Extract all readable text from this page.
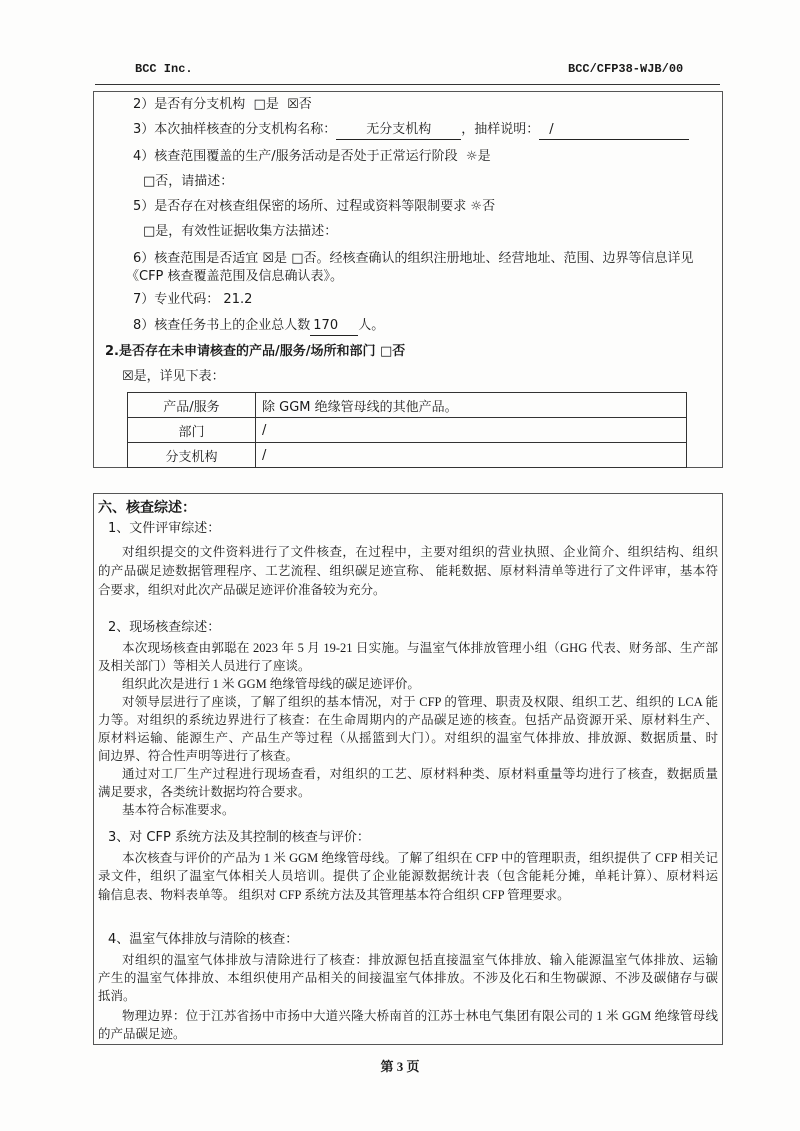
BCC Inc.	BCC/CFP38-WJB/00
2）是否有分支机构 □是 ☒否
3）本次抽样核查的分支机构名称： 无分支机构 ，抽样说明： /
4）核查范围覆盖的生产/服务活动是否处于正常运行阶段 ☼是
□否，请描述：
5）是否存在对核查组保密的场所、过程或资料等限制要求 ☼否
□是，有效性证据收集方法描述：
6）核查范围是否适宜 ☒是 □否。经核查确认的组织注册地址、经营地址、范围、边界等信息详见
《CFP 核查覆盖范围及信息确认表》。
7）专业代码： 21.2
8）核查任务书上的企业总人数 170 人。
2.是否存在未申请核查的产品/服务/场所和部门 □否
☒是，详见下表：
产品/服务	除 GGM 绝缘管母线的其他产品。
部门	/
分支机构	/
六、核查综述：
1、文件评审综述：
对组织提交的文件资料进行了文件核查，在过程中，主要对组织的营业执照、企业简介、组织结构、组织
的产品碳足迹数据管理程序、工艺流程、组织碳足迹宣称、 能耗数据、原材料清单等进行了文件评审，基本符
合要求，组织对此次产品碳足迹评价准备较为充分。
2、现场核查综述：
本次现场核查由郭聪在 2023 年 5 月 19-21 日实施。与温室气体排放管理小组（GHG 代表、财务部、生产部
及相关部门）等相关人员进行了座谈。
组织此次是进行 1 米 GGM 绝缘管母线的碳足迹评价。
对领导层进行了座谈，了解了组织的基本情况，对于 CFP 的管理、职责及权限、组织工艺、组织的 LCA 能
力等。对组织的系统边界进行了核查：在生命周期内的产品碳足迹的核查。包括产品资源开采、原材料生产、
原材料运输、能源生产、产品生产等过程（从摇篮到大门）。对组织的温室气体排放、排放源、数据质量、时
间边界、符合性声明等进行了核查。
通过对工厂生产过程进行现场查看，对组织的工艺、原材料种类、原材料重量等均进行了核查，数据质量
满足要求，各类统计数据均符合要求。
基本符合标准要求。
3、对 CFP 系统方法及其控制的核查与评价：
本次核查与评价的产品为 1 米 GGM 绝缘管母线。了解了组织在 CFP 中的管理职责，组织提供了 CFP 相关记
录文件，组织了温室气体相关人员培训。提供了企业能源数据统计表（包含能耗分摊，单耗计算）、原材料运
输信息表、物料表单等。 组织对 CFP 系统方法及其管理基本符合组织 CFP 管理要求。
4、温室气体排放与清除的核查：
对组织的温室气体排放与清除进行了核查：排放源包括直接温室气体排放、输入能源温室气体排放、运输
产生的温室气体排放、本组织使用产品相关的间接温室气体排放。不涉及化石和生物碳源、不涉及碳储存与碳
抵消。
物理边界：位于江苏省扬中市扬中大道兴隆大桥南首的江苏士林电气集团有限公司的 1 米 GGM 绝缘管母线
的产品碳足迹。
第 3 页
